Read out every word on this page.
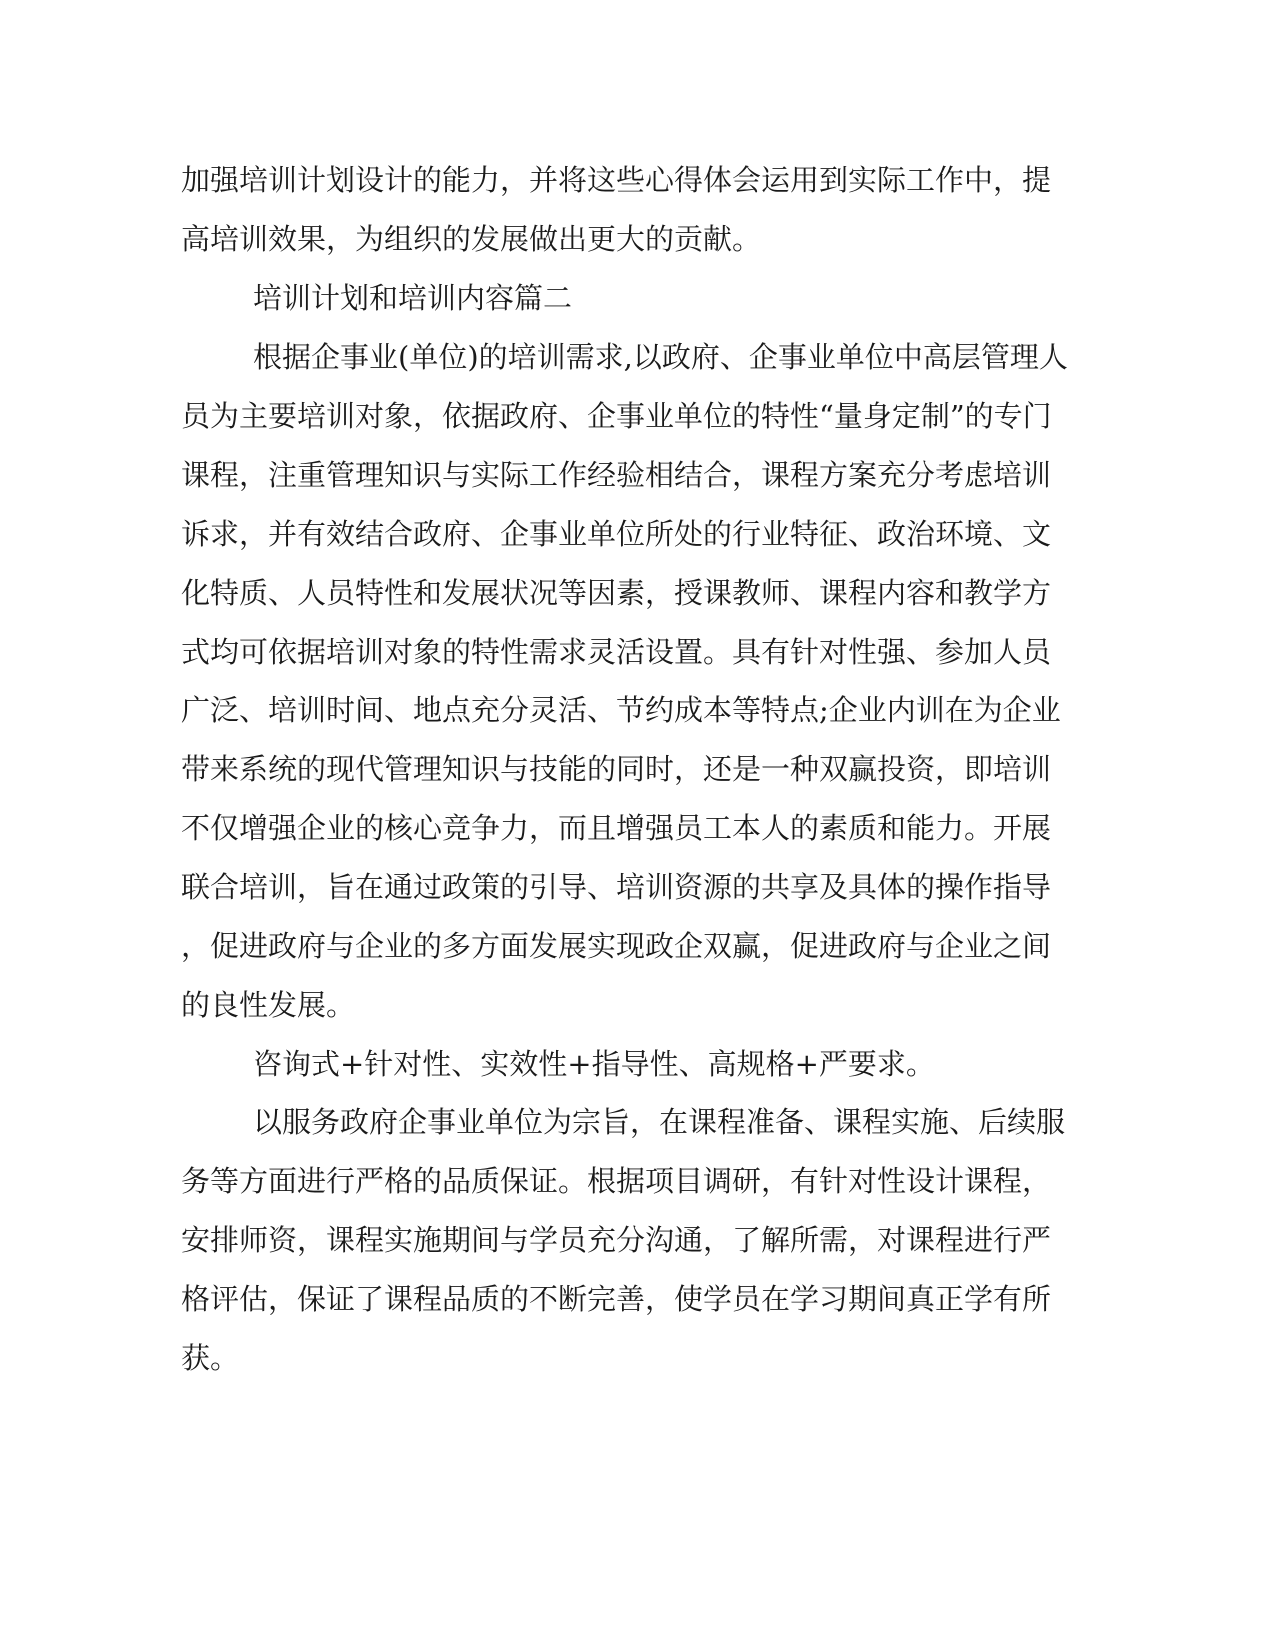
加强培训计划设计的能力，并将这些心得体会运用到实际工作中，提

高培训效果，为组织的发展做出更大的贡献。

培训计划和培训内容篇二

根据企事业(单位)的培训需求,以政府、企事业单位中高层管理人

员为主要培训对象，依据政府、企事业单位的特性“量身定制”的专门

课程，注重管理知识与实际工作经验相结合，课程方案充分考虑培训

诉求，并有效结合政府、企事业单位所处的行业特征、政治环境、文

化特质、人员特性和发展状况等因素，授课教师、课程内容和教学方

式均可依据培训对象的特性需求灵活设置。具有针对性强、参加人员

广泛、培训时间、地点充分灵活、节约成本等特点;企业内训在为企业

带来系统的现代管理知识与技能的同时，还是一种双赢投资，即培训

不仅增强企业的核心竞争力，而且增强员工本人的素质和能力。开展

联合培训，旨在通过政策的引导、培训资源的共享及具体的操作指导

，促进政府与企业的多方面发展实现政企双赢，促进政府与企业之间

的良性发展。

咨询式+针对性、实效性+指导性、高规格+严要求。

以服务政府企事业单位为宗旨，在课程准备、课程实施、后续服

务等方面进行严格的品质保证。根据项目调研，有针对性设计课程，

安排师资，课程实施期间与学员充分沟通，了解所需，对课程进行严

格评估，保证了课程品质的不断完善，使学员在学习期间真正学有所

获。
